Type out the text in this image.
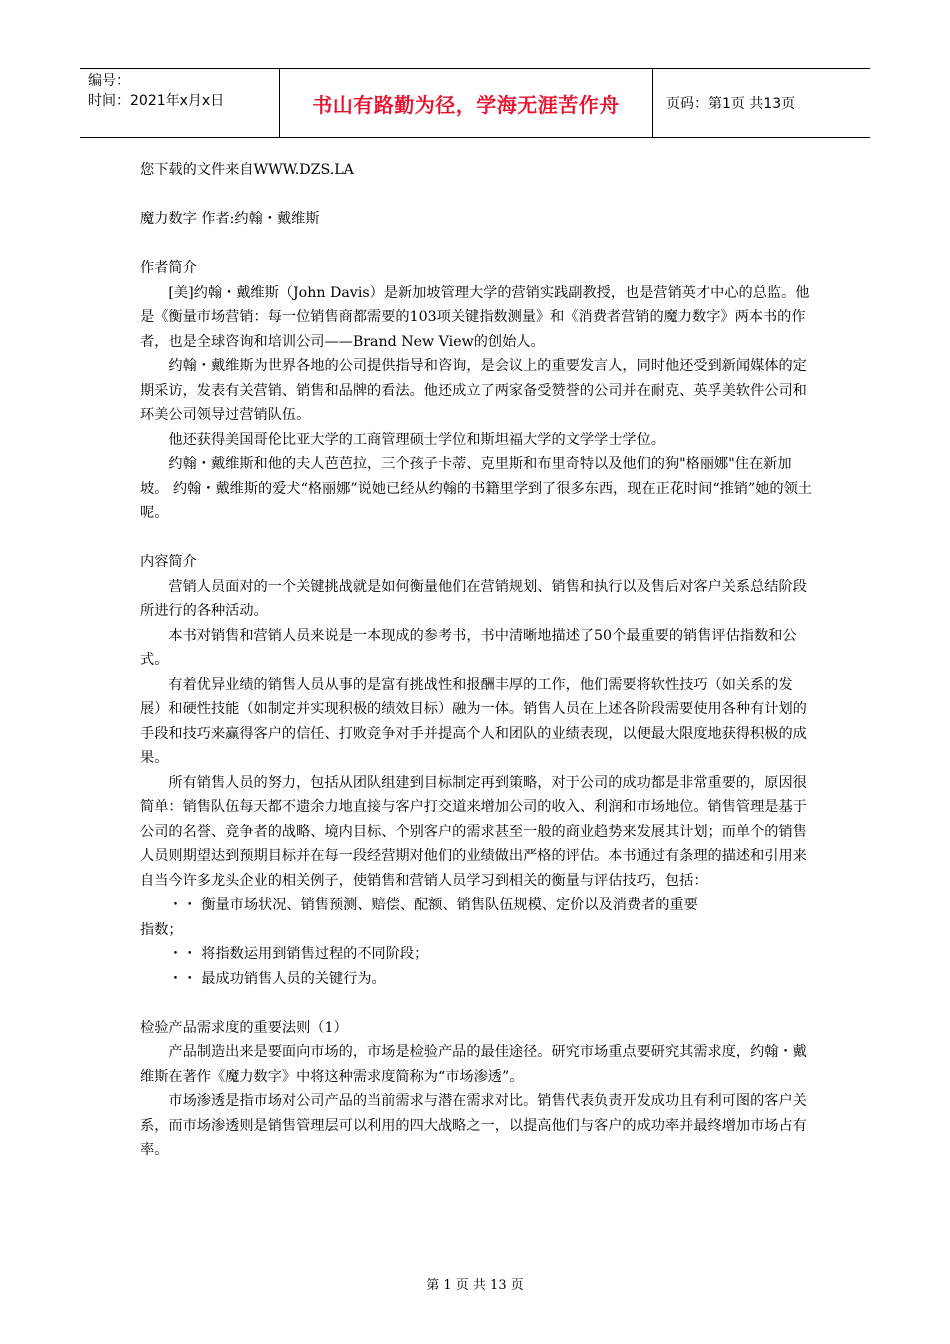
编号：
时间：2021年x月x日	书山有路勤为径，学海无涯苦作舟	页码：第1页 共13页

您下载的文件来自WWW.DZS.LA

魔力数字 作者:约翰・戴维斯

作者简介

[美]约翰・戴维斯（John Davis）是新加坡管理大学的营销实践副教授，也是营销英才中心的总监。他是《衡量市场营销：每一位销售商都需要的103项关键指数测量》和《消费者营销的魔力数字》两本书的作者，也是全球咨询和培训公司——Brand New View的创始人。

约翰・戴维斯为世界各地的公司提供指导和咨询，是会议上的重要发言人，同时他还受到新闻媒体的定期采访，发表有关营销、销售和品牌的看法。他还成立了两家备受赞誉的公司并在耐克、英孚美软件公司和环美公司领导过营销队伍。

他还获得美国哥伦比亚大学的工商管理硕士学位和斯坦福大学的文学学士学位。

约翰・戴维斯和他的夫人芭芭拉，三个孩子卡蒂、克里斯和布里奇特以及他们的狗"格丽娜"住在新加坡。 约翰・戴维斯的爱犬“格丽娜”说她已经从约翰的书籍里学到了很多东西，现在正花时间“推销”她的领土呢。

内容简介

营销人员面对的一个关键挑战就是如何衡量他们在营销规划、销售和执行以及售后对客户关系总结阶段所进行的各种活动。

本书对销售和营销人员来说是一本现成的参考书，书中清晰地描述了50个最重要的销售评估指数和公式。

有着优异业绩的销售人员从事的是富有挑战性和报酬丰厚的工作，他们需要将软性技巧（如关系的发展）和硬性技能（如制定并实现积极的绩效目标）融为一体。销售人员在上述各阶段需要使用各种有计划的手段和技巧来赢得客户的信任、打败竞争对手并提高个人和团队的业绩表现，以便最大限度地获得积极的成果。

所有销售人员的努力，包括从团队组建到目标制定再到策略，对于公司的成功都是非常重要的，原因很简单：销售队伍每天都不遗余力地直接与客户打交道来增加公司的收入、利润和市场地位。销售管理是基于公司的名誉、竞争者的战略、境内目标、个别客户的需求甚至一般的商业趋势来发展其计划；而单个的销售人员则期望达到预期目标并在每一段经营期对他们的业绩做出严格的评估。本书通过有条理的描述和引用来自当今许多龙头企业的相关例子，使销售和营销人员学习到相关的衡量与评估技巧，包括：

・・ 衡量市场状况、销售预测、赔偿、配额、销售队伍规模、定价以及消费者的重要

指数；

・・ 将指数运用到销售过程的不同阶段；

・・ 最成功销售人员的关键行为。

检验产品需求度的重要法则（1）

产品制造出来是要面向市场的，市场是检验产品的最佳途径。研究市场重点要研究其需求度，约翰・戴维斯在著作《魔力数字》中将这种需求度简称为“市场渗透”。

市场渗透是指市场对公司产品的当前需求与潜在需求对比。销售代表负责开发成功且有利可图的客户关系，而市场渗透则是销售管理层可以利用的四大战略之一，以提高他们与客户的成功率并最终增加市场占有率。

第 1 页 共 13 页
